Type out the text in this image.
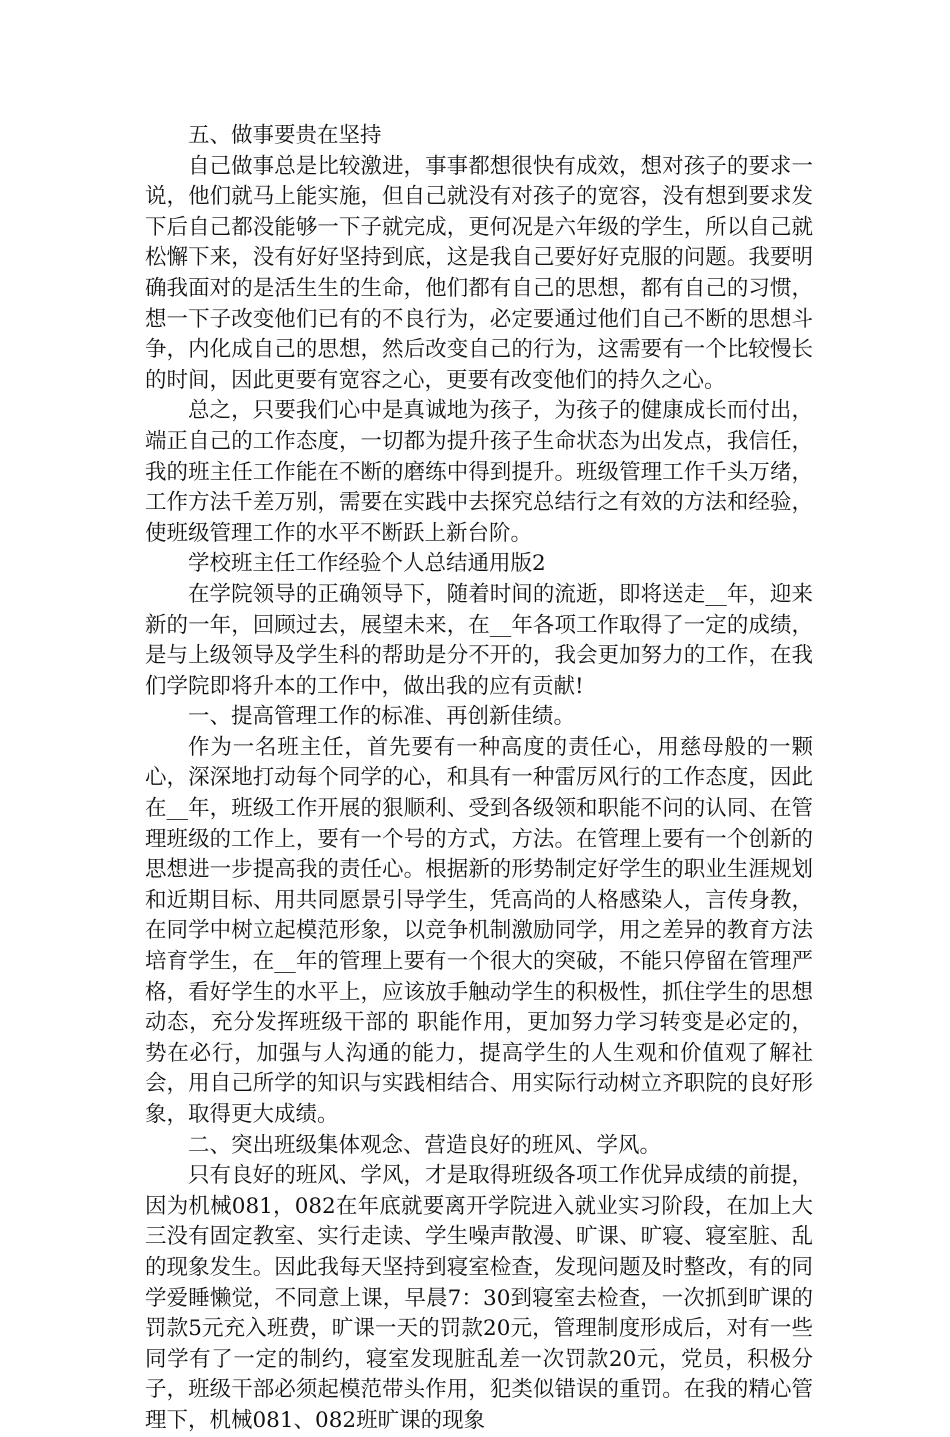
五、做事要贵在坚持

自己做事总是比较激进，事事都想很快有成效，想对孩子的要求一说，他们就马上能实施，但自己就没有对孩子的宽容，没有想到要求发下后自己都没能够一下子就完成，更何况是六年级的学生，所以自己就松懈下来，没有好好坚持到底，这是我自己要好好克服的问题。我要明确我面对的是活生生的生命，他们都有自己的思想，都有自己的习惯，想一下子改变他们已有的不良行为，必定要通过他们自己不断的思想斗争，内化成自己的思想，然后改变自己的行为，这需要有一个比较慢长的时间，因此更要有宽容之心，更要有改变他们的持久之心。

总之，只要我们心中是真诚地为孩子，为孩子的健康成长而付出，端正自己的工作态度，一切都为提升孩子生命状态为出发点，我信任，我的班主任工作能在不断的磨练中得到提升。班级管理工作千头万绪，工作方法千差万别，需要在实践中去探究总结行之有效的方法和经验，使班级管理工作的水平不断跃上新台阶。

学校班主任工作经验个人总结通用版2

在学院领导的正确领导下，随着时间的流逝，即将送走__年，迎来新的一年，回顾过去，展望未来，在__年各项工作取得了一定的成绩，是与上级领导及学生科的帮助是分不开的，我会更加努力的工作，在我们学院即将升本的工作中，做出我的应有贡献!

一、提高管理工作的标准、再创新佳绩。

作为一名班主任，首先要有一种高度的责任心，用慈母般的一颗心，深深地打动每个同学的心，和具有一种雷厉风行的工作态度，因此在__年，班级工作开展的狠顺利、受到各级领和职能不问的认同、在管理班级的工作上，要有一个号的方式，方法。在管理上要有一个创新的思想进一步提高我的责任心。根据新的形势制定好学生的职业生涯规划和近期目标、用共同愿景引导学生，凭高尚的人格感染人，言传身教，在同学中树立起模范形象，以竞争机制激励同学，用之差异的教育方法培育学生，在__年的管理上要有一个很大的突破，不能只停留在管理严格，看好学生的水平上，应该放手触动学生的积极性，抓住学生的思想动态，充分发挥班级干部的 职能作用，更加努力学习转变是必定的，势在必行，加强与人沟通的能力，提高学生的人生观和价值观了解社会，用自己所学的知识与实践相结合、用实际行动树立齐职院的良好形象，取得更大成绩。

二、突出班级集体观念、营造良好的班风、学风。

只有良好的班风、学风，才是取得班级各项工作优异成绩的前提，因为机械081，082在年底就要离开学院进入就业实习阶段，在加上大三没有固定教室、实行走读、学生噪声散漫、旷课、旷寝、寝室脏、乱的现象发生。因此我每天坚持到寝室检查，发现问题及时整改，有的同学爱睡懒觉，不同意上课，早晨7：30到寝室去检查，一次抓到旷课的罚款5元充入班费，旷课一天的罚款20元，管理制度形成后，对有一些同学有了一定的制约，寝室发现脏乱差一次罚款20元，党员，积极分子，班级干部必须起模范带头作用，犯类似错误的重罚。在我的精心管理下，机械081、082班旷课的现象
